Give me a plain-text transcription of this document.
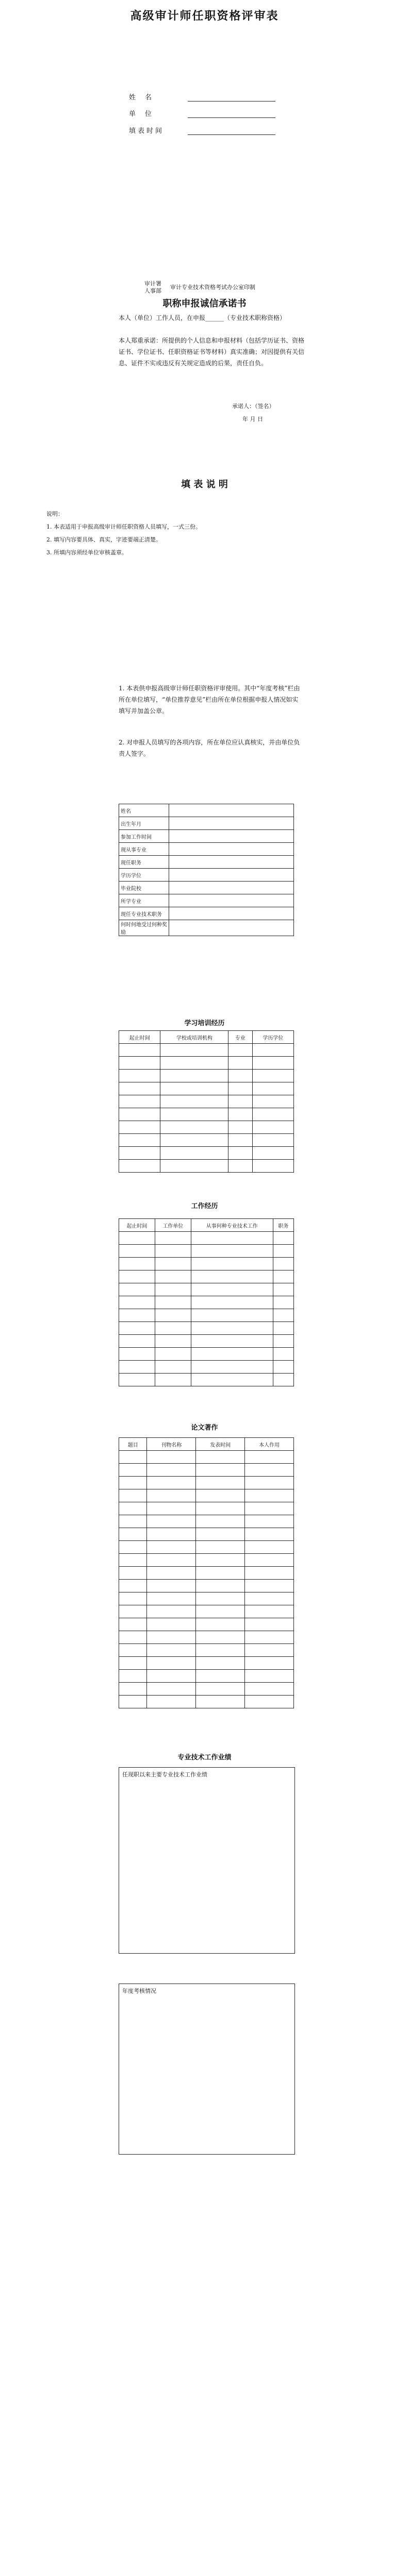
高级审计师任职资格评审表
姓名
单位
填表时间
审计署
人事部
审计专业技术资格考试办公室印制
职称申报诚信承诺书
本人（单位）工作人员，在申报______（专业技术职称资格）
本人郑重承诺：所提供的个人信息和申报材料（包括学历证书、资格证书、学位证书、任职资格证书等材料）真实准确；对因提供有关信息、证件不实或违反有关规定造成的后果，责任自负。
承诺人：（签名）
年 月 日
填 表 说 明
说明：
1. 本表适用于申报高级审计师任职资格人员填写，一式三份。
2. 填写内容要具体、真实，字迹要端正清楚。
3. 所填内容须经单位审核盖章。
1. 本表供申报高级审计师任职资格评审使用。其中“年度考核”栏由所在单位填写，“单位推荐意见”栏由所在单位根据申报人情况如实填写并加盖公章。
2. 对申报人员填写的各项内容，所在单位应认真核实，并由单位负责人签字。
姓名	
出生年月	
参加工作时间	
现从事专业	
现任职务	
学历学位	
毕业院校	
所学专业	
现任专业技术职务	
何时何地受过何种奖励	
学习培训经历
起止时间	学校或培训机构	专业	学历学位

工作经历
起止时间	工作单位	从事何种专业技术工作	职务

论文著作
题目	刊物名称	发表时间	本人作用

专业技术工作业绩
任现职以来主要专业技术工作业绩
年度考核情况
